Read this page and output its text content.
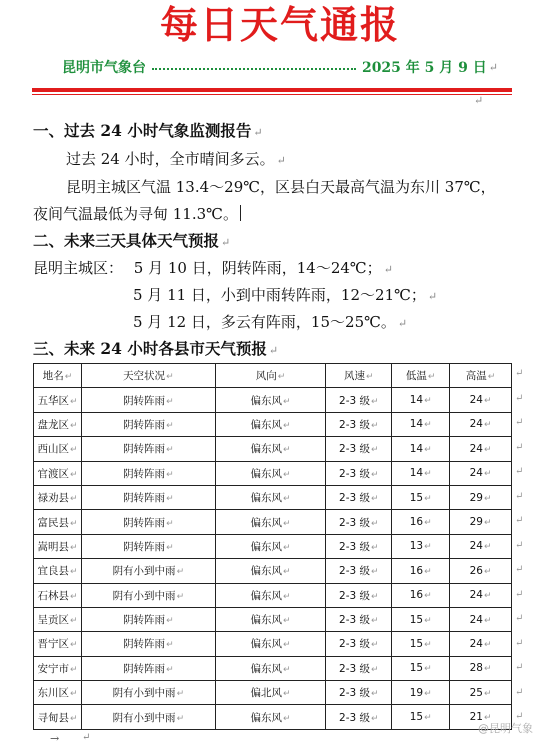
每日天气通报
昆明市气象台	2025 年 5 月 9 日 ↵
↵
一、过去 24 小时气象监测报告 ↵
过去 24 小时，全市晴间多云。 ↵
昆明主城区气温 13.4～29℃，区县白天最高气温为东川 37℃，
夜间气温最低为寻甸 11.3℃。
二、未来三天具体天气预报 ↵
昆明主城区： 5 月 10 日，阴转阵雨，14～24℃； ↵
5 月 11 日，小到中雨转阵雨，12～21℃； ↵
5 月 12 日，多云有阵雨，15～25℃。 ↵
三、未来 24 小时各县市天气预报 ↵
地名↵	天空状况↵	风向↵	风速↵	低温↵	高温↵
五华区↵	阴转阵雨↵	偏东风↵	2-3 级↵	14↵	24↵
盘龙区↵	阴转阵雨↵	偏东风↵	2-3 级↵	14↵	24↵
西山区↵	阴转阵雨↵	偏东风↵	2-3 级↵	14↵	24↵
官渡区↵	阴转阵雨↵	偏东风↵	2-3 级↵	14↵	24↵
禄劝县↵	阴转阵雨↵	偏东风↵	2-3 级↵	15↵	29↵
富民县↵	阴转阵雨↵	偏东风↵	2-3 级↵	16↵	29↵
嵩明县↵	阴转阵雨↵	偏东风↵	2-3 级↵	13↵	24↵
宜良县↵	阴有小到中雨↵	偏东风↵	2-3 级↵	16↵	26↵
石林县↵	阴有小到中雨↵	偏东风↵	2-3 级↵	16↵	24↵
呈贡区↵	阴转阵雨↵	偏东风↵	2-3 级↵	15↵	24↵
晋宁区↵	阴转阵雨↵	偏东风↵	2-3 级↵	15↵	24↵
安宁市↵	阴转阵雨↵	偏东风↵	2-3 级↵	15↵	28↵
东川区↵	阴有小到中雨↵	偏北风↵	2-3 级↵	19↵	25↵
寻甸县↵	阴有小到中雨↵	偏东风↵	2-3 级↵	15↵	21↵
↵
↵
↵
↵
↵
↵
↵
↵
↵
↵
↵
↵
↵
↵
↵
→ ↵
@昆明气象
